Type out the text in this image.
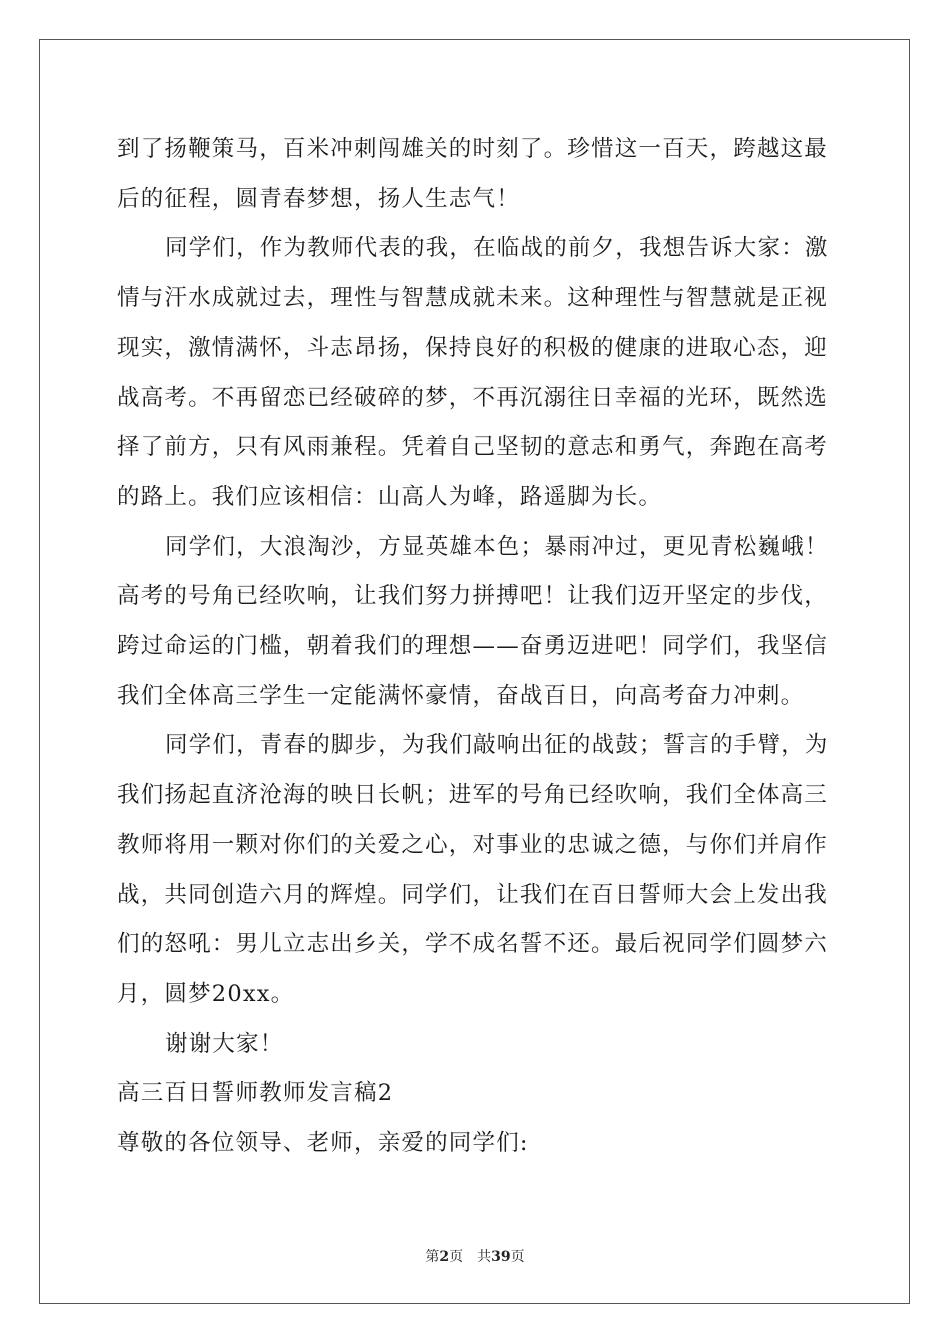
到了扬鞭策马，百米冲刺闯雄关的时刻了。珍惜这一百天，跨越这最

后的征程，圆青春梦想，扬人生志气！

同学们，作为教师代表的我，在临战的前夕，我想告诉大家：激

情与汗水成就过去，理性与智慧成就未来。这种理性与智慧就是正视

现实，激情满怀，斗志昂扬，保持良好的积极的健康的进取心态，迎

战高考。不再留恋已经破碎的梦，不再沉溺往日幸福的光环，既然选

择了前方，只有风雨兼程。凭着自己坚韧的意志和勇气，奔跑在高考

的路上。我们应该相信：山高人为峰，路遥脚为长。

同学们，大浪淘沙，方显英雄本色；暴雨冲过，更见青松巍峨！

高考的号角已经吹响，让我们努力拼搏吧！让我们迈开坚定的步伐，

跨过命运的门槛，朝着我们的理想——奋勇迈进吧！同学们，我坚信

我们全体高三学生一定能满怀豪情，奋战百日，向高考奋力冲刺。

同学们，青春的脚步，为我们敲响出征的战鼓；誓言的手臂，为

我们扬起直济沧海的映日长帆；进军的号角已经吹响，我们全体高三

教师将用一颗对你们的关爱之心，对事业的忠诚之德，与你们并肩作

战，共同创造六月的辉煌。同学们，让我们在百日誓师大会上发出我

们的怒吼：男儿立志出乡关，学不成名誓不还。最后祝同学们圆梦六

月，圆梦20xx。

谢谢大家！

高三百日誓师教师发言稿2

尊敬的各位领导、老师，亲爱的同学们:

第2页　共39页
